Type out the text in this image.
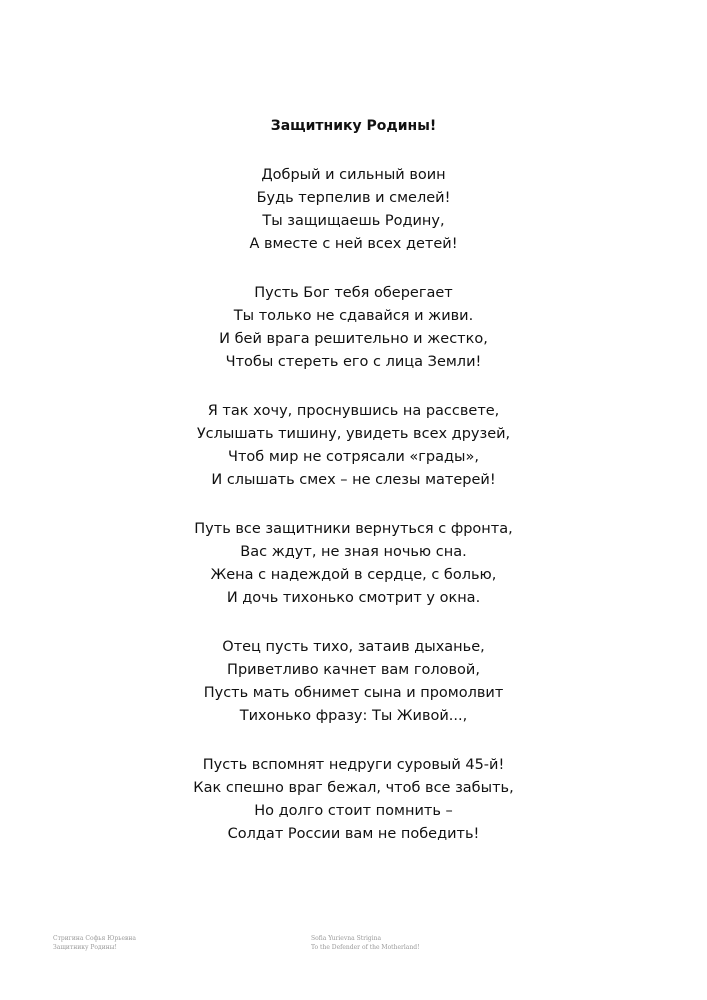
Защитнику Родины!
Добрый и сильный воин
Будь терпелив и смелей!
Ты защищаешь Родину,
А вместе с ней всех детей!
Пусть Бог тебя оберегает
Ты только не сдавайся и живи.
И бей врага решительно и жестко,
Чтобы стереть его с лица Земли!
Я так хочу, проснувшись на рассвете,
Услышать тишину, увидеть всех друзей,
Чтоб мир не сотрясали «грады»,
И слышать смех – не слезы матерей!
Путь все защитники вернуться с фронта,
Вас ждут, не зная ночью сна.
Жена с надеждой в сердце, с болью,
И дочь тихонько смотрит у окна.
Отец пусть тихо, затаив дыханье,
Приветливо качнет вам головой,
Пусть мать обнимет сына и промолвит
Тихонько фразу: Ты Живой...,
Пусть вспомнят недруги суровый 45-й!
Как спешно враг бежал, чтоб все забыть,
Но долго стоит помнить –
Солдат России вам не победить!
Стригина Софья Юрьевна
Защитнику Родины!
Sofia Yurievna Strigina
To the Defender of the Motherland!
